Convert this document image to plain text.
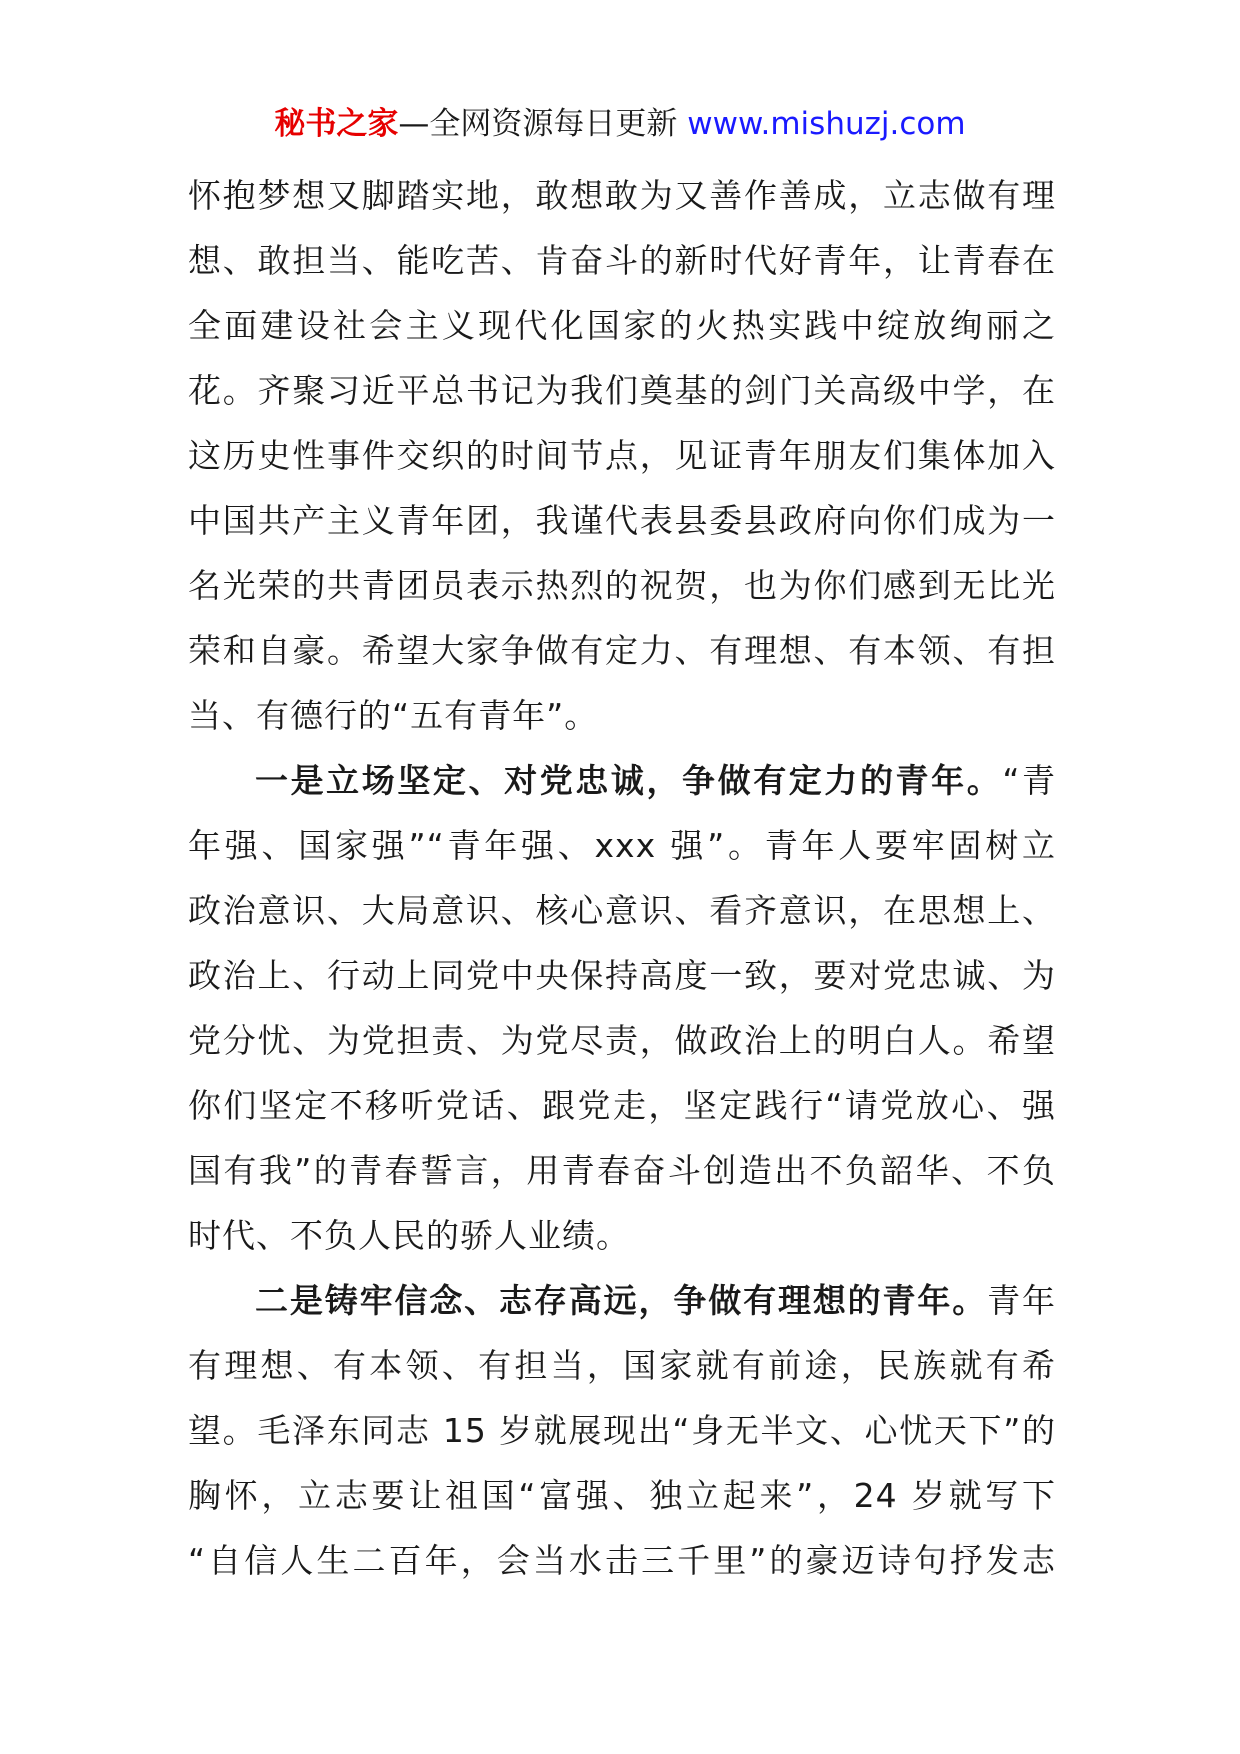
秘书之家—全网资源每日更新 www.mishuzj.com
怀抱梦想又脚踏实地，敢想敢为又善作善成，立志做有理
想、敢担当、能吃苦、肯奋斗的新时代好青年，让青春在
全面建设社会主义现代化国家的火热实践中绽放绚丽之
花。齐聚习近平总书记为我们奠基的剑门关高级中学，在
这历史性事件交织的时间节点，见证青年朋友们集体加入
中国共产主义青年团，我谨代表县委县政府向你们成为一
名光荣的共青团员表示热烈的祝贺，也为你们感到无比光
荣和自豪。希望大家争做有定力、有理想、有本领、有担
当、有德行的“五有青年”。
一是立场坚定、对党忠诚，争做有定力的青年。“青
年强、国家强”“青年强、xxx 强”。青年人要牢固树立
政治意识、大局意识、核心意识、看齐意识，在思想上、
政治上、行动上同党中央保持高度一致，要对党忠诚、为
党分忧、为党担责、为党尽责，做政治上的明白人。希望
你们坚定不移听党话、跟党走，坚定践行“请党放心、强
国有我”的青春誓言，用青春奋斗创造出不负韶华、不负
时代、不负人民的骄人业绩。
二是铸牢信念、志存高远，争做有理想的青年。青年
有理想、有本领、有担当，国家就有前途，民族就有希
望。毛泽东同志 15 岁就展现出“身无半文、心忧天下”的
胸怀，立志要让祖国“富强、独立起来”，24 岁就写下
“自信人生二百年，会当水击三千里”的豪迈诗句抒发志
